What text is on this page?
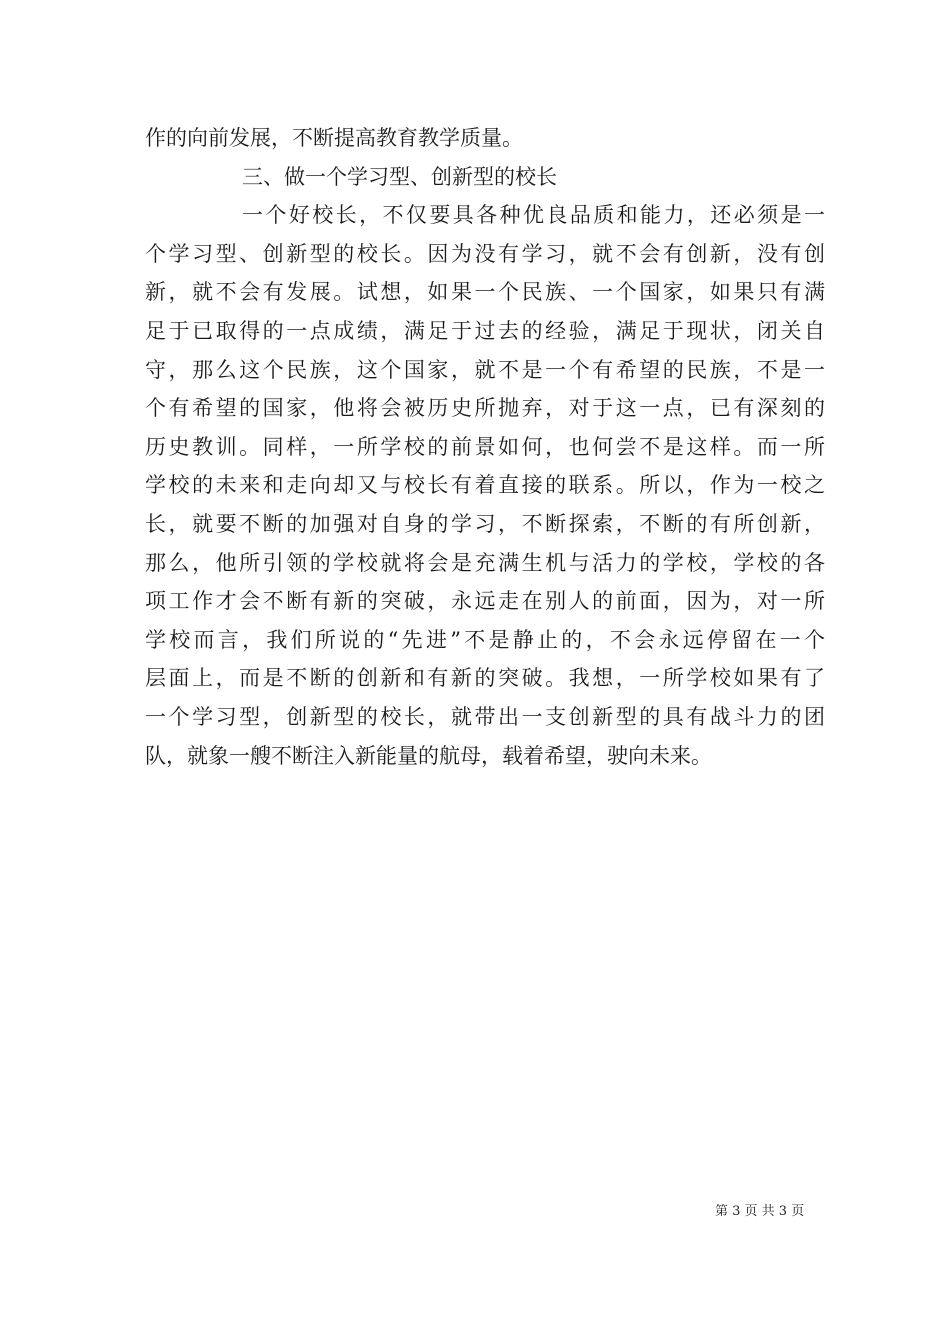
作的向前发展，不断提高教育教学质量。
三、做一个学习型、创新型的校长
一个好校长，不仅要具各种优良品质和能力，还必须是一
个学习型、创新型的校长。因为没有学习，就不会有创新，没有创
新，就不会有发展。试想，如果一个民族、一个国家，如果只有满
足于已取得的一点成绩，满足于过去的经验，满足于现状，闭关自
守，那么这个民族，这个国家，就不是一个有希望的民族，不是一
个有希望的国家，他将会被历史所抛弃，对于这一点，已有深刻的
历史教训。同样，一所学校的前景如何，也何尝不是这样。而一所
学校的未来和走向却又与校长有着直接的联系。所以，作为一校之
长，就要不断的加强对自身的学习，不断探索，不断的有所创新，
那么，他所引领的学校就将会是充满生机与活力的学校，学校的各
项工作才会不断有新的突破，永远走在别人的前面，因为，对一所
学校而言，我们所说的“先进”不是静止的，不会永远停留在一个
层面上，而是不断的创新和有新的突破。我想，一所学校如果有了
一个学习型，创新型的校长，就带出一支创新型的具有战斗力的团
队，就象一艘不断注入新能量的航母，载着希望，驶向未来。
第 3 页 共 3 页
